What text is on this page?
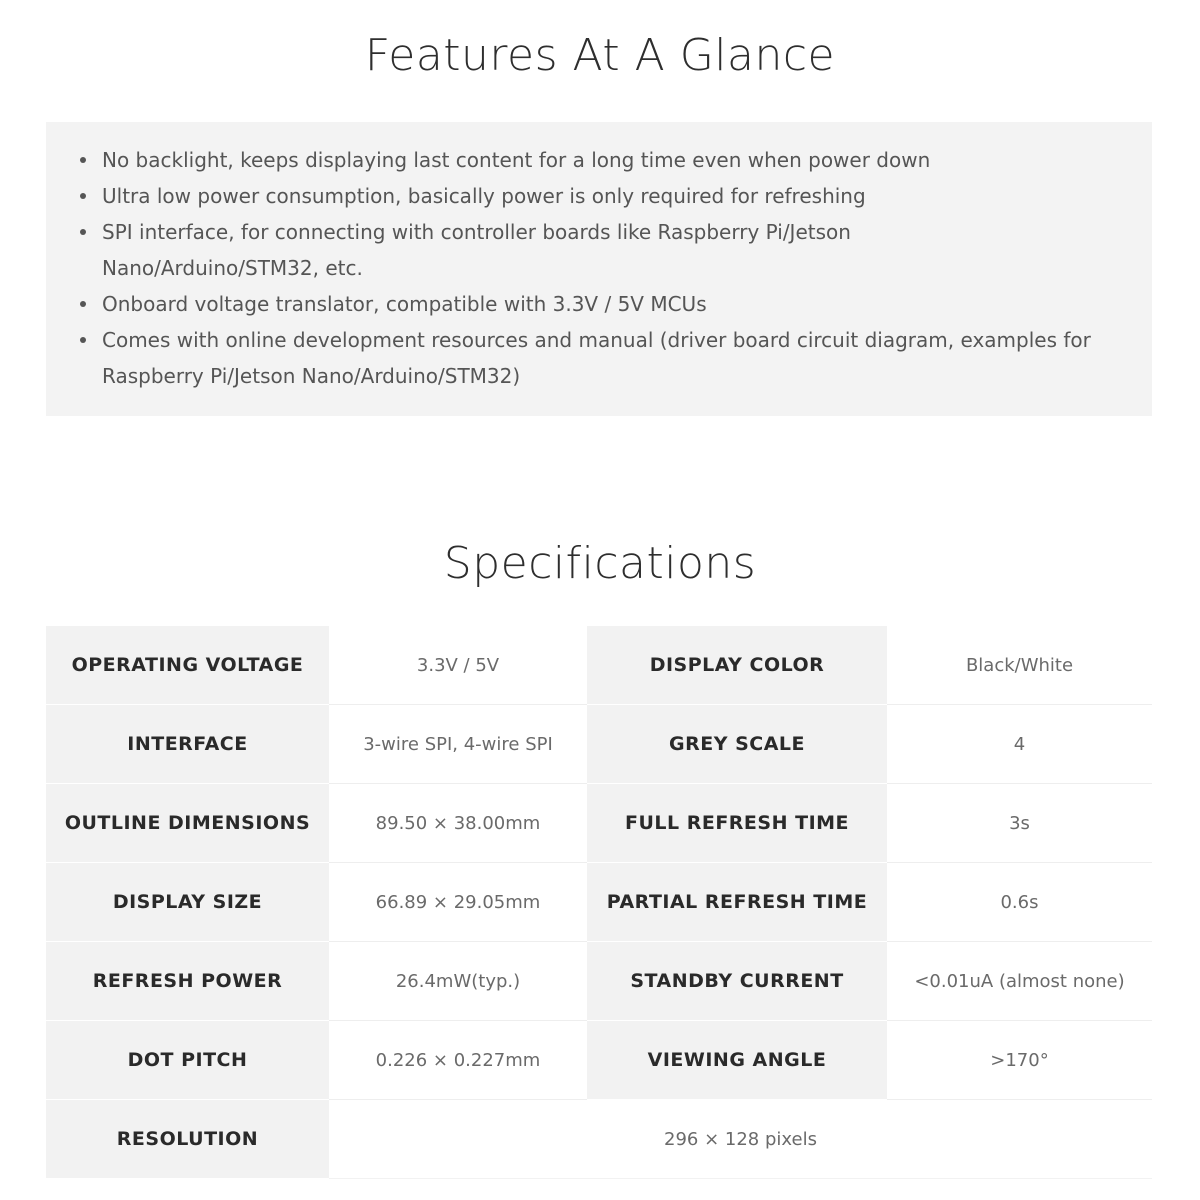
Features At A Glance
No backlight, keeps displaying last content for a long time even when power down
Ultra low power consumption, basically power is only required for refreshing
SPI interface, for connecting with controller boards like Raspberry Pi/Jetson Nano/Arduino/STM32, etc.
Onboard voltage translator, compatible with 3.3V / 5V MCUs
Comes with online development resources and manual (driver board circuit diagram, examples for Raspberry Pi/Jetson Nano/Arduino/STM32)
Specifications
OPERATING VOLTAGE	3.3V / 5V	DISPLAY COLOR	Black/White
INTERFACE	3-wire SPI, 4-wire SPI	GREY SCALE	4
OUTLINE DIMENSIONS	89.50 × 38.00mm	FULL REFRESH TIME	3s
DISPLAY SIZE	66.89 × 29.05mm	PARTIAL REFRESH TIME	0.6s
REFRESH POWER	26.4mW(typ.)	STANDBY CURRENT	<0.01uA (almost none)
DOT PITCH	0.226 × 0.227mm	VIEWING ANGLE	>170°
RESOLUTION	296 × 128 pixels		
